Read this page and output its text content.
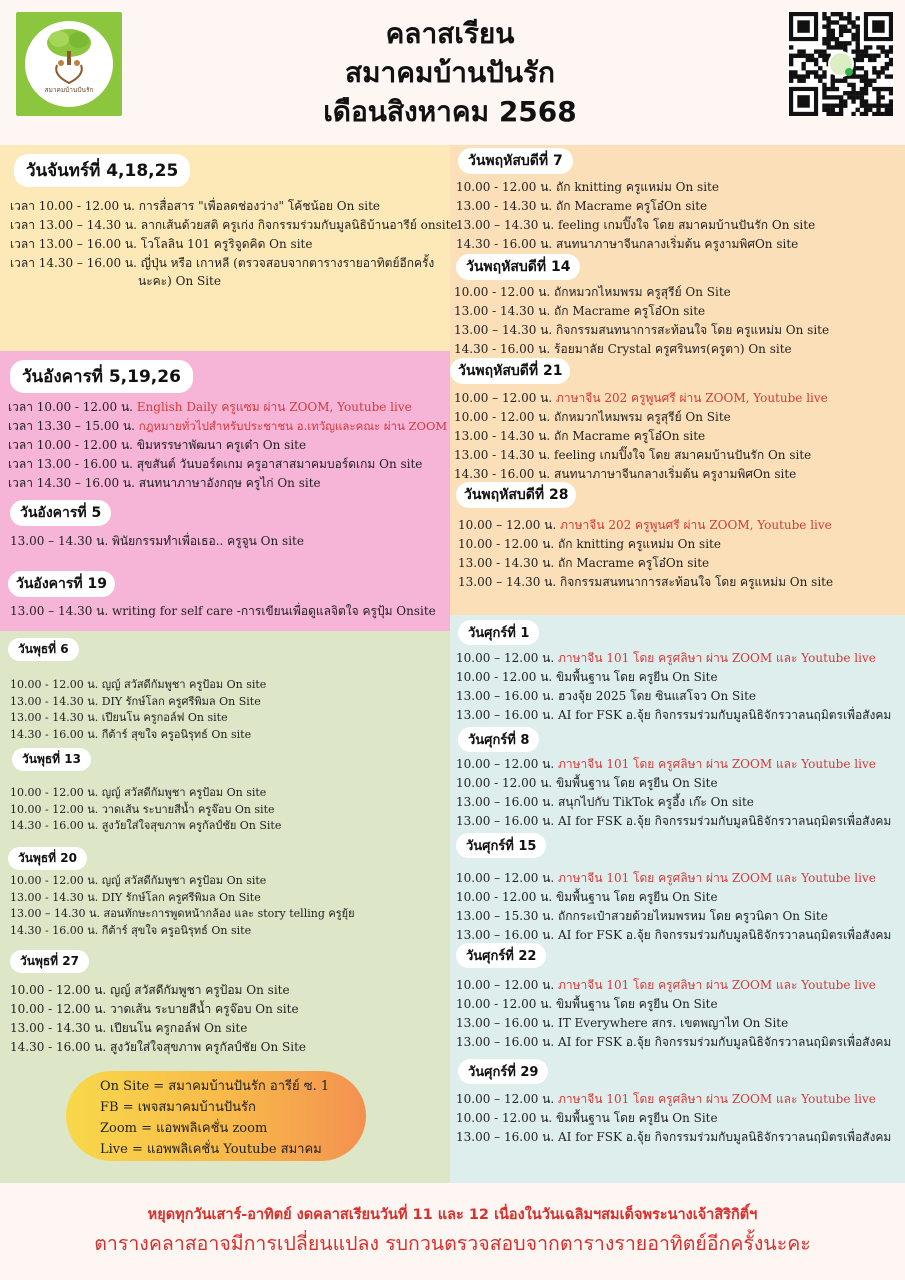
สมาคมบ้านปันรัก
คลาสเรียน
สมาคมบ้านปันรัก
เดือนสิงหาคม 2568
วันจันทร์ที่ 4,18,25
เวลา 10.00 - 12.00 น. การสื่อสาร "เพื่อลดช่องว่าง" โค้ชน้อย On site
เวลา 13.00 – 14.30 น. ลากเส้นด้วยสติ ครูเก่ง กิจกรรมร่วมกับมูลนิธิบ้านอารีย์ onsite
เวลา 13.00 – 16.00 น. โวโลลิน 101 ครูริจูดคิด On site
เวลา 14.30 – 16.00 น. ญี่ปุ่น หรือ เกาหลี (ตรวจสอบจากตารางรายอาทิตย์อีกครั้ง
นะคะ) On Site
วันอังคารที่ 5,19,26
เวลา 10.00 - 12.00 น. English Daily ครูแซม ผ่าน ZOOM, Youtube live
เวลา 13.30 – 15.00 น. กฎหมายทั่วไปสำหรับประชาชน อ.เทวัญและคณะ ผ่าน ZOOM
เวลา 10.00 - 12.00 น. ขิมหรรษาพัฒนา ครูเต๋า On site
เวลา 13.00 - 16.00 น. สุขสันต์ วันบอร์ดเกม ครูอาสาสมาคมบอร์ดเกม On site
เวลา 14.30 – 16.00 น. สนทนาภาษาอังกฤษ ครูไก่ On site
วันอังคารที่ 5
13.00 – 14.30 น. พินัยกรรมทำเพื่อเธอ.. ครูจูน On site
วันอังคารที่ 19
13.00 – 14.30 น. writing for self care -การเขียนเพื่อดูแลจิตใจ ครูปุ้ม Onsite
วันพุธที่ 6
10.00 - 12.00 น. ญญ์ สวัสดีกัมพูชา ครูป้อม On site
13.00 - 14.30 น. DIY รักษ์โลก ครูศรีพิมล On Site
13.00 - 14.30 น. เปียนโน ครูกอล์ฟ On site
14.30 - 16.00 น. กีต้าร์ สุขใจ ครูอนิรุทธ์ On site
วันพุธที่ 13
10.00 - 12.00 น. ญญ์ สวัสดีกัมพูชา ครูป้อม On site
10.00 - 12.00 น. วาดเส้น ระบายสีน้ำ ครูจ๊อบ On site
14.30 - 16.00 น. สูงวัยใส่ใจสุขภาพ ครูกัลป์ชัย On Site
วันพุธที่ 20
10.00 - 12.00 น. ญญ์ สวัสดีกัมพูชา ครูป้อม On site
13.00 - 14.30 น. DIY รักษ์โลก ครูศรีพิมล On Site
13.00 – 14.30 น. สอนทักษะการพูดหน้ากล้อง และ story telling ครูยุ้ย
14.30 - 16.00 น. กีต้าร์ สุขใจ ครูอนิรุทธ์ On site
วันพุธที่ 27
10.00 - 12.00 น. ญญ์ สวัสดีกัมพูชา ครูป้อม On site
10.00 - 12.00 น. วาดเส้น ระบายสีน้ำ ครูจ๊อบ On site
13.00 - 14.30 น. เปียนโน ครูกอล์ฟ On site
14.30 - 16.00 น. สูงวัยใส่ใจสุขภาพ ครูกัลป์ชัย On Site
On Site = สมาคมบ้านปันรัก อารีย์ ซ. 1
FB = เพจสมาคมบ้านปันรัก
Zoom = แอพพลิเคชั่น zoom
Live = แอพพลิเคชั่น Youtube สมาคม
วันพฤหัสบดีที่ 7
10.00 - 12.00 น. ถัก knitting ครูแหม่ม On site
13.00 - 14.30 น. ถัก Macrame ครูโอ๋On site
13.00 – 14.30 น. feeling เกมปิ๊งใจ โดย สมาคมบ้านปันรัก On site
14.30 - 16.00 น. สนทนาภาษาจีนกลางเริ่มต้น ครูงามพิศOn site
วันพฤหัสบดีที่ 14
10.00 - 12.00 น. ถักหมวกไหมพรม ครูสุรีย์ On Site
13.00 - 14.30 น. ถัก Macrame ครูโอ๋On site
13.00 – 14.30 น. กิจกรรมสนทนาการสะท้อนใจ โดย ครูแหม่ม On site
14.30 - 16.00 น. ร้อยมาลัย Crystal ครูศรินทร(ครูตา) On site
วันพฤหัสบดีที่ 21
10.00 – 12.00 น. ภาษาจีน 202 ครูพูนศรี ผ่าน ZOOM, Youtube live
10.00 - 12.00 น. ถักหมวกไหมพรม ครูสุรีย์ On Site
13.00 - 14.30 น. ถัก Macrame ครูโอ๋On site
13.00 - 14.30 น. feeling เกมปิ๊งใจ โดย สมาคมบ้านปันรัก On site
14.30 - 16.00 น. สนทนาภาษาจีนกลางเริ่มต้น ครูงามพิศOn site
วันพฤหัสบดีที่ 28
10.00 – 12.00 น. ภาษาจีน 202 ครูพูนศรี ผ่าน ZOOM, Youtube live
10.00 - 12.00 น. ถัก knitting ครูแหม่ม On site
13.00 - 14.30 น. ถัก Macrame ครูโอ๋On site
13.00 – 14.30 น. กิจกรรมสนทนาการสะท้อนใจ โดย ครูแหม่ม On site
วันศุกร์ที่ 1
10.00 – 12.00 น. ภาษาจีน 101 โดย ครูศลิษา ผ่าน ZOOM และ Youtube live
10.00 - 12.00 น. ขิมพื้นฐาน โดย ครูยีน On Site
13.00 – 16.00 น. ฮวงจุ้ย 2025 โดย ซินแสโจว On Site
13.00 – 16.00 น. AI for FSK อ.จุ้ย กิจกรรมร่วมกับมูลนิธิจักรวาลนฤมิตรเพื่อสังคม
วันศุกร์ที่ 8
10.00 – 12.00 น. ภาษาจีน 101 โดย ครูศลิษา ผ่าน ZOOM และ Youtube live
10.00 - 12.00 น. ขิมพื้นฐาน โดย ครูยีน On Site
13.00 – 16.00 น. สนุกไปกับ TikTok ครูอึ้ง เก๊ะ On site
13.00 – 16.00 น. AI for FSK อ.จุ้ย กิจกรรมร่วมกับมูลนิธิจักรวาลนฤมิตรเพื่อสังคม
วันศุกร์ที่ 15
10.00 – 12.00 น. ภาษาจีน 101 โดย ครูศลิษา ผ่าน ZOOM และ Youtube live
10.00 - 12.00 น. ขิมพื้นฐาน โดย ครูยีน On Site
13.00 – 15.30 น. ถักกระเป๋าสวยด้วยไหมพรหม โดย ครูวนิดา On Site
13.00 – 16.00 น. AI for FSK อ.จุ้ย กิจกรรมร่วมกับมูลนิธิจักรวาลนฤมิตรเพื่อสังคม
วันศุกร์ที่ 22
10.00 – 12.00 น. ภาษาจีน 101 โดย ครูศลิษา ผ่าน ZOOM และ Youtube live
10.00 - 12.00 น. ขิมพื้นฐาน โดย ครูยีน On Site
13.00 – 16.00 น. IT Everywhere สกร. เขตพญาไท On Site
13.00 – 16.00 น. AI for FSK อ.จุ้ย กิจกรรมร่วมกับมูลนิธิจักรวาลนฤมิตรเพื่อสังคม
วันศุกร์ที่ 29
10.00 – 12.00 น. ภาษาจีน 101 โดย ครูศลิษา ผ่าน ZOOM และ Youtube live
10.00 - 12.00 น. ขิมพื้นฐาน โดย ครูยีน On Site
13.00 – 16.00 น. AI for FSK อ.จุ้ย กิจกรรมร่วมกับมูลนิธิจักรวาลนฤมิตรเพื่อสังคม
หยุดทุกวันเสาร์-อาทิตย์ งดคลาสเรียนวันที่ 11 และ 12 เนื่องในวันเฉลิมฯสมเด็จพระนางเจ้าสิริกิติ์ฯ
ตารางคลาสอาจมีการเปลี่ยนแปลง รบกวนตรวจสอบจากตารางรายอาทิตย์อีกครั้งนะคะ
